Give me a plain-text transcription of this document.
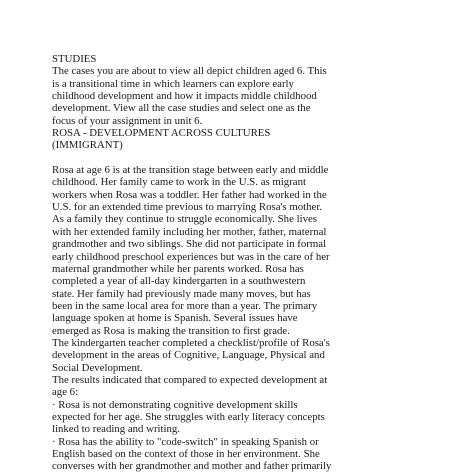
STUDIES
The cases you are about to view all depict children aged 6. This
is a transitional time in which learners can explore early
childhood development and how it impacts middle childhood
development. View all the case studies and select one as the
focus of your assignment in unit 6.
ROSA - DEVELOPMENT ACROSS CULTURES
(IMMIGRANT)
Rosa at age 6 is at the transition stage between early and middle
childhood. Her family came to work in the U.S. as migrant
workers when Rosa was a toddler. Her father had worked in the
U.S. for an extended time previous to marrying Rosa's mother.
As a family they continue to struggle economically. She lives
with her extended family including her mother, father, maternal
grandmother and two siblings. She did not participate in formal
early childhood preschool experiences but was in the care of her
maternal grandmother while her parents worked. Rosa has
completed a year of all-day kindergarten in a southwestern
state. Her family had previously made many moves, but has
been in the same local area for more than a year. The primary
language spoken at home is Spanish. Several issues have
emerged as Rosa is making the transition to first grade.
The kindergarten teacher completed a checklist/profile of Rosa's
development in the areas of Cognitive, Language, Physical and
Social Development.
The results indicated that compared to expected development at
age 6:
· Rosa is not demonstrating cognitive development skills
expected for her age. She struggles with early literacy concepts
linked to reading and writing.
· Rosa has the ability to "code-switch" in speaking Spanish or
English based on the context of those in her environment. She
converses with her grandmother and mother and father primarily
